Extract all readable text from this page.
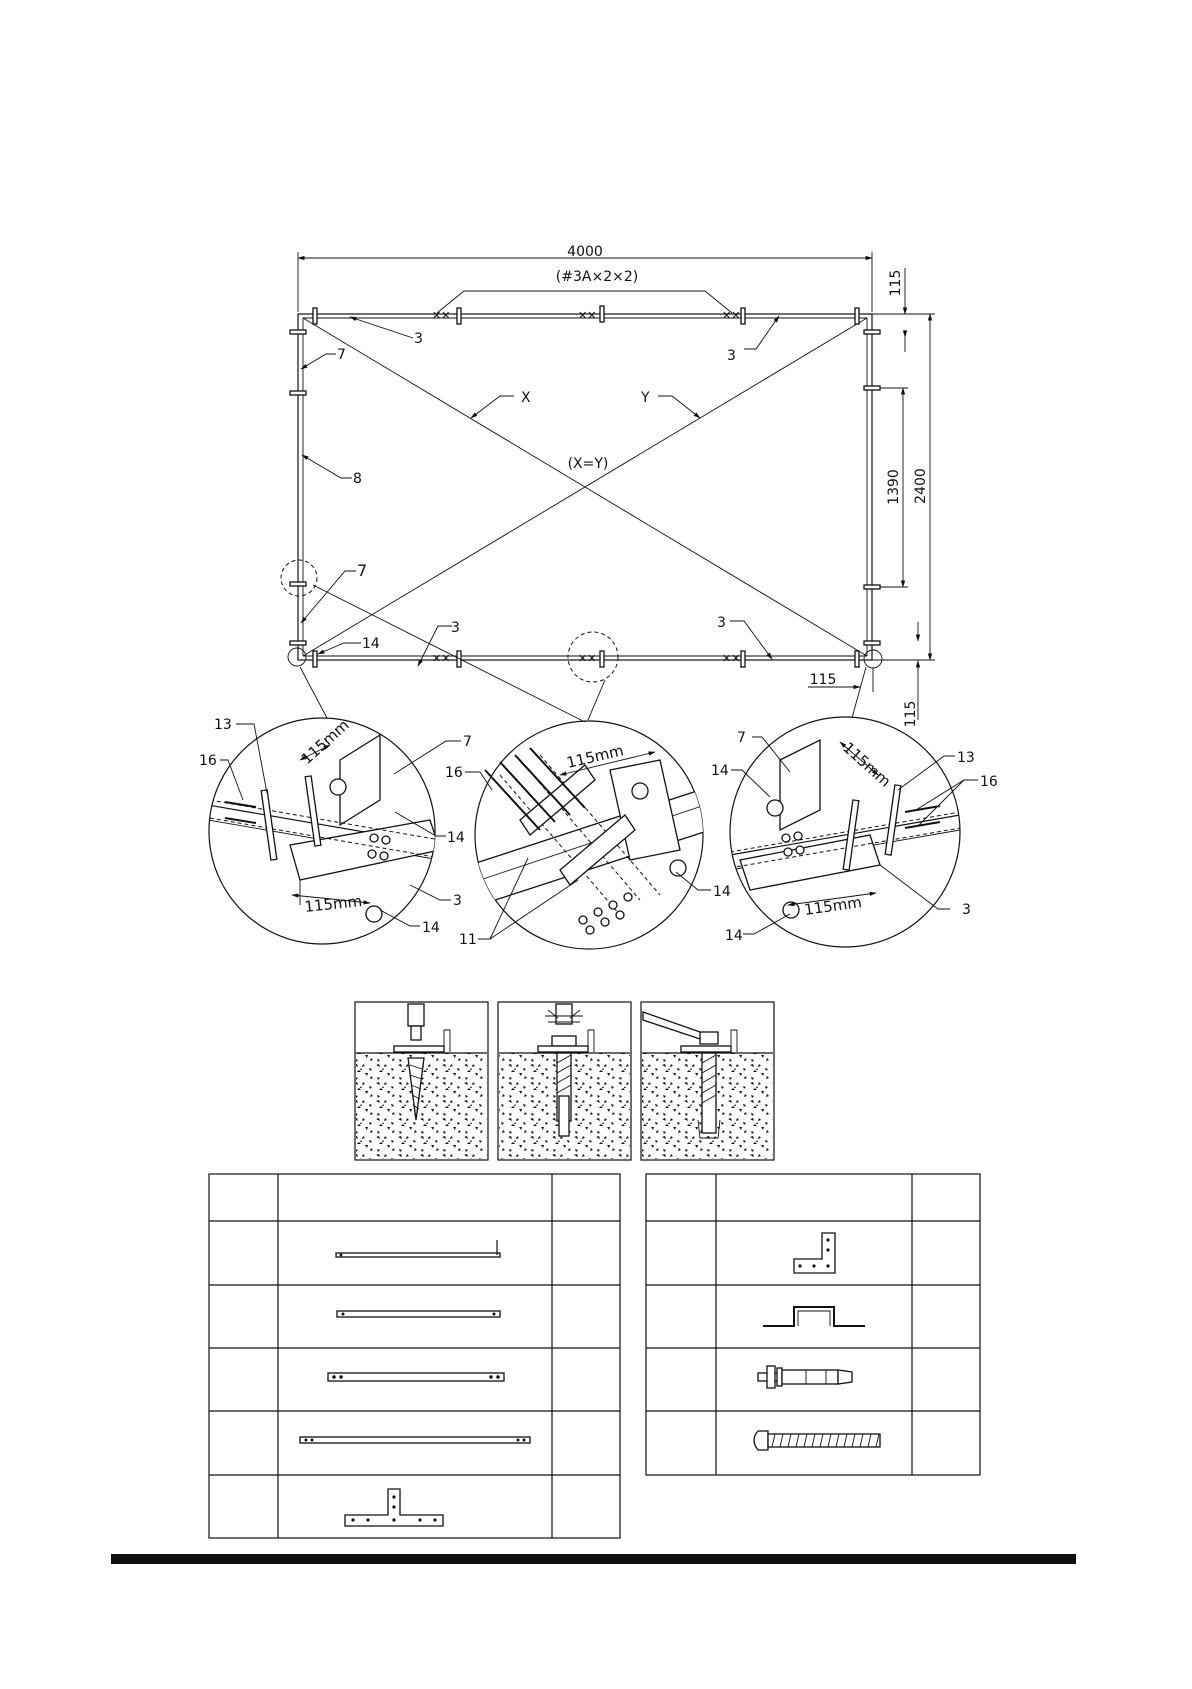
✕✕	✕✕	✕✕
✕✕	✕✕	✕✕
4000
(#3A×2×2)
2400
1390
115
115
115
3
3
7
8
7
3	3
14
X	Y
(X=Y)
115mm
115mm
13
16
7
14
3
14
115mm
16
14
11
115mm
115mm
7
14
13
16
3
14
